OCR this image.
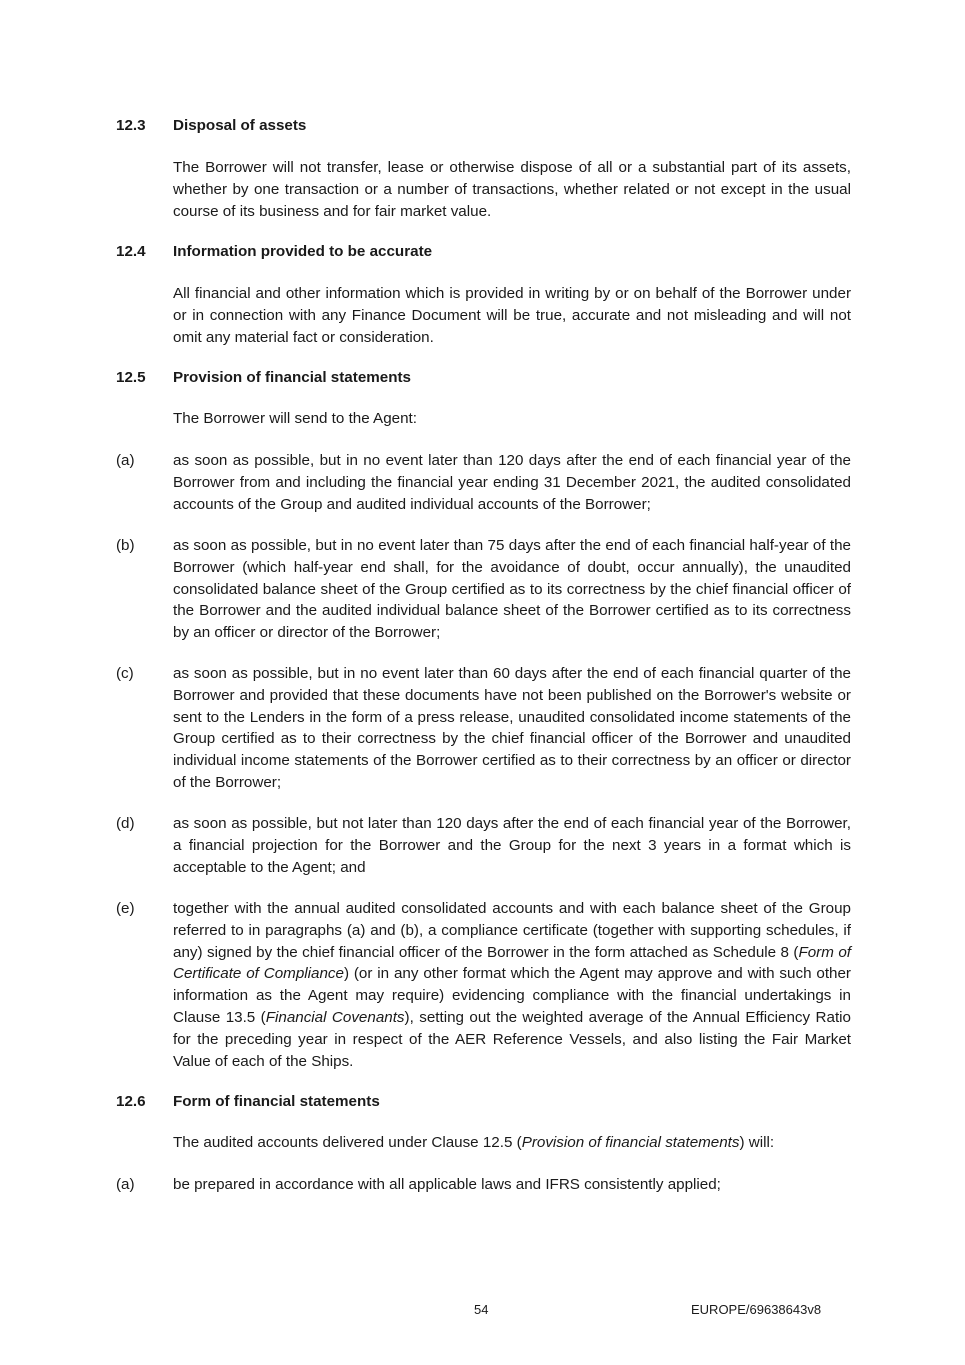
12.3 Disposal of assets
The Borrower will not transfer, lease or otherwise dispose of all or a substantial part of its assets, whether by one transaction or a number of transactions, whether related or not except in the usual course of its business and for fair market value.
12.4 Information provided to be accurate
All financial and other information which is provided in writing by or on behalf of the Borrower under or in connection with any Finance Document will be true, accurate and not misleading and will not omit any material fact or consideration.
12.5 Provision of financial statements
The Borrower will send to the Agent:
(a)	as soon as possible, but in no event later than 120 days after the end of each financial year of the Borrower from and including the financial year ending 31 December 2021, the audited consolidated accounts of the Group and audited individual accounts of the Borrower;
(b)	as soon as possible, but in no event later than 75 days after the end of each financial half-year of the Borrower (which half-year end shall, for the avoidance of doubt, occur annually), the unaudited consolidated balance sheet of the Group certified as to its correctness by the chief financial officer of the Borrower and the audited individual balance sheet of the Borrower certified as to its correctness by an officer or director of the Borrower;
(c)	as soon as possible, but in no event later than 60 days after the end of each financial quarter of the Borrower and provided that these documents have not been published on the Borrower's website or sent to the Lenders in the form of a press release, unaudited consolidated income statements of the Group certified as to their correctness by the chief financial officer of the Borrower and unaudited individual income statements of the Borrower certified as to their correctness by an officer or director of the Borrower;
(d)	as soon as possible, but not later than 120 days after the end of each financial year of the Borrower, a financial projection for the Borrower and the Group for the next 3 years in a format which is acceptable to the Agent; and
(e)	together with the annual audited consolidated accounts and with each balance sheet of the Group referred to in paragraphs (a) and (b), a compliance certificate (together with supporting schedules, if any) signed by the chief financial officer of the Borrower in the form attached as Schedule 8 (Form of Certificate of Compliance) (or in any other format which the Agent may approve and with such other information as the Agent may require) evidencing compliance with the financial undertakings in Clause 13.5 (Financial Covenants), setting out the weighted average of the Annual Efficiency Ratio for the preceding year in respect of the AER Reference Vessels, and also listing the Fair Market Value of each of the Ships.
12.6 Form of financial statements
The audited accounts delivered under Clause 12.5 (Provision of financial statements) will:
(a)	be prepared in accordance with all applicable laws and IFRS consistently applied;
54	EUROPE/69638643v8
